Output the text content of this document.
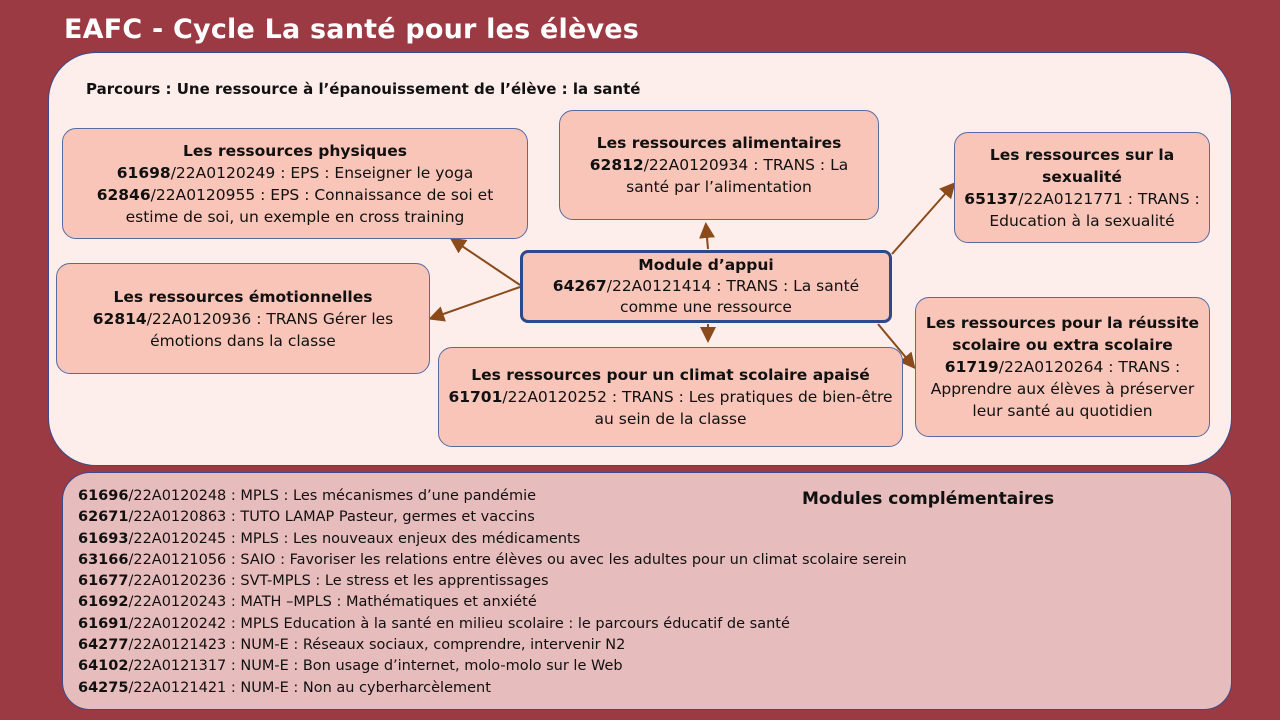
EAFC - Cycle La santé pour les élèves
Parcours : Une ressource à l’épanouissement de l’élève : la santé
Les ressources physiques
61698/22A0120249 : EPS : Enseigner le yoga
62846/22A0120955 : EPS : Connaissance de soi et estime de soi, un exemple en cross training
Les ressources alimentaires
62812/22A0120934 : TRANS : La santé par l’alimentation
Les ressources sur la sexualité
65137/22A0121771 : TRANS : Education à la sexualité
Module d’appui
64267/22A0121414 : TRANS : La santé comme une ressource
Les ressources émotionnelles
62814/22A0120936 : TRANS Gérer les émotions dans la classe
Les ressources pour un climat scolaire apaisé
61701/22A0120252 : TRANS : Les pratiques de bien-être au sein de la classe
Les ressources pour la réussite scolaire ou extra scolaire 61719/22A0120264 : TRANS : Apprendre aux élèves à préserver leur santé au quotidien
Modules complémentaires
61696/22A0120248 : MPLS : Les mécanismes d’une pandémie
62671/22A0120863 : TUTO LAMAP Pasteur, germes et vaccins
61693/22A0120245 : MPLS : Les nouveaux enjeux des médicaments
63166/22A0121056 : SAIO : Favoriser les relations entre élèves ou avec les adultes pour un climat scolaire serein
61677/22A0120236 : SVT-MPLS : Le stress et les apprentissages
61692/22A0120243 : MATH –MPLS : Mathématiques et anxiété
61691/22A0120242 : MPLS Education à la santé en milieu scolaire : le parcours éducatif de santé
64277/22A0121423 : NUM-E : Réseaux sociaux, comprendre, intervenir N2
64102/22A0121317 : NUM-E : Bon usage d’internet, molo-molo sur le Web
64275/22A0121421 : NUM-E : Non au cyberharcèlement
